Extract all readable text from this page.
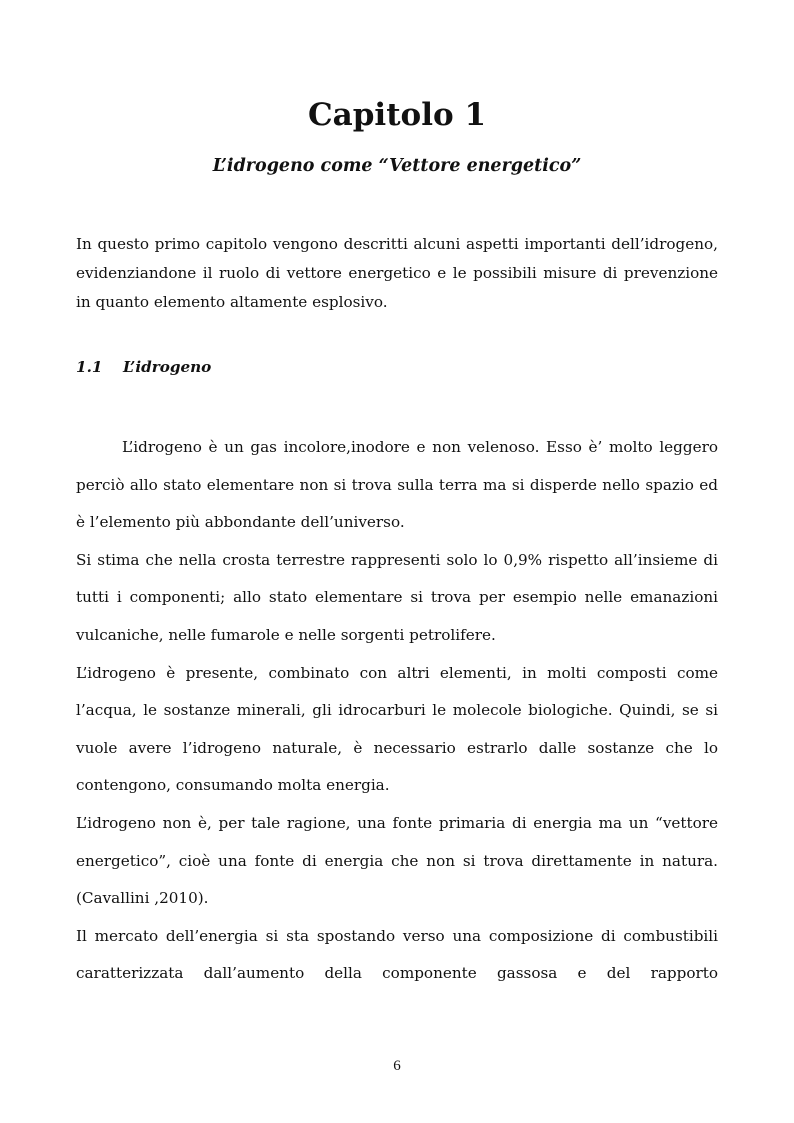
Capitolo 1
L’idrogeno come “Vettore energetico”

In questo primo capitolo vengono descritti alcuni aspetti importanti dell’idrogeno, evidenziandone il ruolo di vettore energetico e le possibili misure di prevenzione in quanto elemento altamente esplosivo.

1.1 L’idrogeno

L’idrogeno è un gas incolore,inodore e non velenoso. Esso è’ molto leggero perciò allo stato elementare non si trova sulla terra ma si disperde nello spazio ed è l’elemento più abbondante dell’universo.

Si stima che nella crosta terrestre rappresenti solo lo 0,9% rispetto all’insieme di tutti i componenti; allo stato elementare si trova per esempio nelle emanazioni vulcaniche, nelle fumarole e nelle sorgenti petrolifere.

L’idrogeno è presente, combinato con altri elementi, in molti composti come l’acqua, le sostanze minerali, gli idrocarburi le molecole biologiche. Quindi, se si vuole avere l’idrogeno naturale, è necessario estrarlo dalle sostanze che lo contengono, consumando molta energia.

L’idrogeno non è, per tale ragione, una fonte primaria di energia ma un “vettore energetico”, cioè una fonte di energia che non si trova direttamente in natura. (Cavallini ,2010).

Il mercato dell’energia si sta spostando verso una composizione di combustibili caratterizzata dall’aumento della componente gassosa e del rapporto

6
